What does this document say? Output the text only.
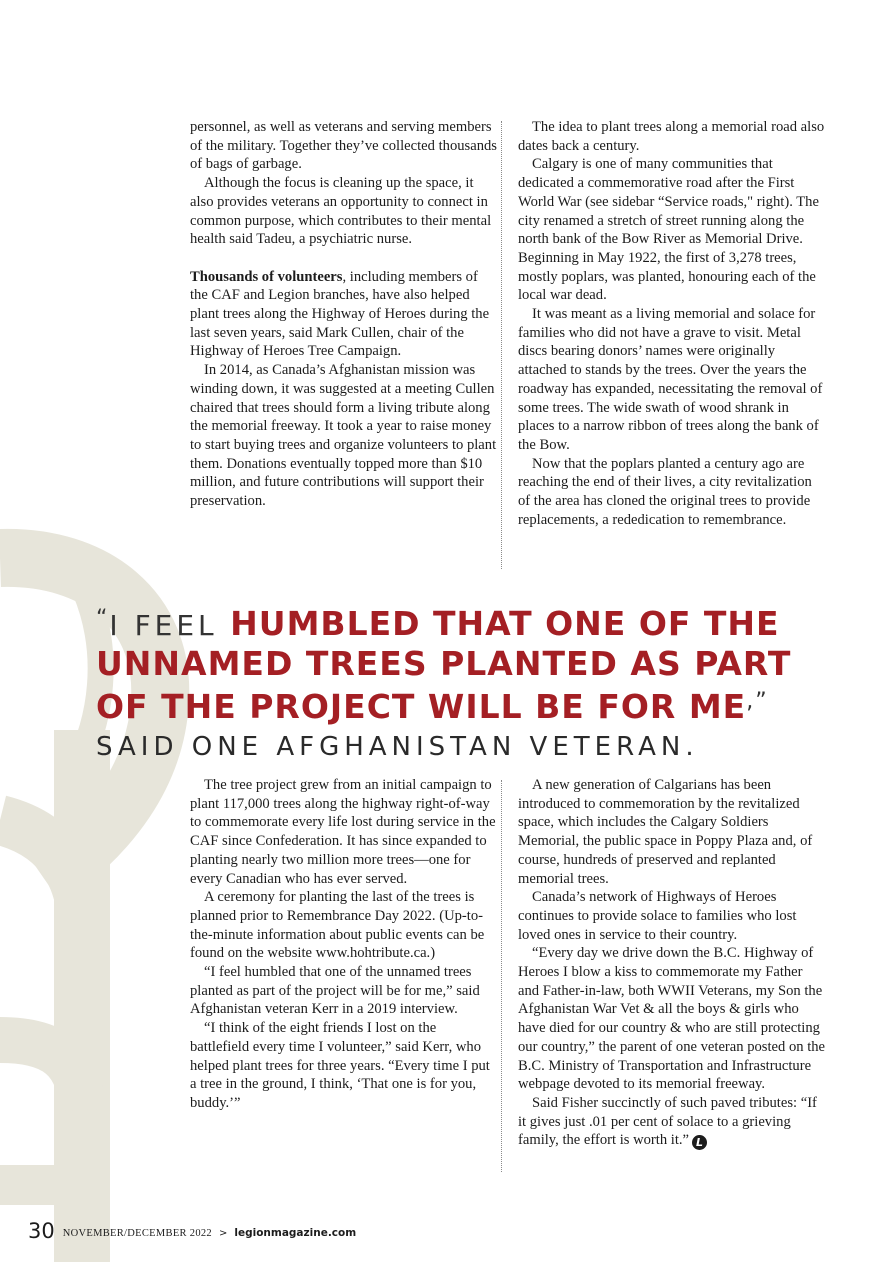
personnel, as well as veterans and serving members of the military. Together they’ve collected thousands of bags of garbage.

Although the focus is cleaning up the space, it also provides veterans an opportunity to connect in common purpose, which contributes to their mental health said Tadeu, a psychiatric nurse.

Thousands of volunteers, including members of the CAF and Legion branches, have also helped plant trees along the Highway of Heroes during the last seven years, said Mark Cullen, chair of the Highway of Heroes Tree Campaign.

In 2014, as Canada’s Afghanistan mission was winding down, it was suggested at a meeting Cullen chaired that trees should form a living tribute along the memorial freeway. It took a year to raise money to start buying trees and organize volunteers to plant them. Donations eventually topped more than $10 million, and future contributions will support their preservation.

The idea to plant trees along a memorial road also dates back a century.

Calgary is one of many communities that dedicated a commemorative road after the First World War (see sidebar “Service roads," right). The city renamed a stretch of street running along the north bank of the Bow River as Memorial Drive. Beginning in May 1922, the first of 3,278 trees, mostly poplars, was planted, honouring each of the local war dead.

It was meant as a living memorial and solace for families who did not have a grave to visit. Metal discs bearing donors’ names were originally attached to stands by the trees. Over the years the roadway has expanded, necessitating the removal of some trees. The wide swath of wood shrank in places to a narrow ribbon of trees along the bank of the Bow.

Now that the poplars planted a century ago are reaching the end of their lives, a city revitalization of the area has cloned the original trees to provide replacements, a rededication to remembrance.

“I FEEL HUMBLED THAT ONE OF THE
UNNAMED TREES PLANTED AS PART
OF THE PROJECT WILL BE FOR ME,”
SAID ONE AFGHANISTAN VETERAN.

The tree project grew from an initial campaign to plant 117,000 trees along the highway right-of-way to commemorate every life lost during service in the CAF since Confederation. It has since expanded to planting nearly two million more trees—one for every Canadian who has ever served.

A ceremony for planting the last of the trees is planned prior to Remembrance Day 2022. (Up-to-the-minute information about public events can be found on the website www.hohtribute.ca.)

“I feel humbled that one of the unnamed trees planted as part of the project will be for me,” said Afghanistan veteran Kerr in a 2019 interview.

“I think of the eight friends I lost on the battlefield every time I volunteer,” said Kerr, who helped plant trees for three years. “Every time I put a tree in the ground, I think, ‘That one is for you, buddy.’”

A new generation of Calgarians has been introduced to commemoration by the revitalized space, which includes the Calgary Soldiers Memorial, the public space in Poppy Plaza and, of course, hundreds of preserved and replanted memorial trees.

Canada’s network of Highways of Heroes continues to provide solace to families who lost loved ones in service to their country.

“Every day we drive down the B.C. Highway of Heroes I blow a kiss to commemorate my Father and Father-in-law, both WWII Veterans, my Son the Afghanistan War Vet & all the boys & girls who have died for our country & who are still protecting our country,” the parent of one veteran posted on the B.C. Ministry of Transportation and Infrastructure webpage devoted to its memorial freeway.

Said Fisher succinctly of such paved tributes: “If it gives just .01 per cent of solace to a grieving family, the effort is worth it.” L

30 NOVEMBER/DECEMBER 2022 > legionmagazine.com
